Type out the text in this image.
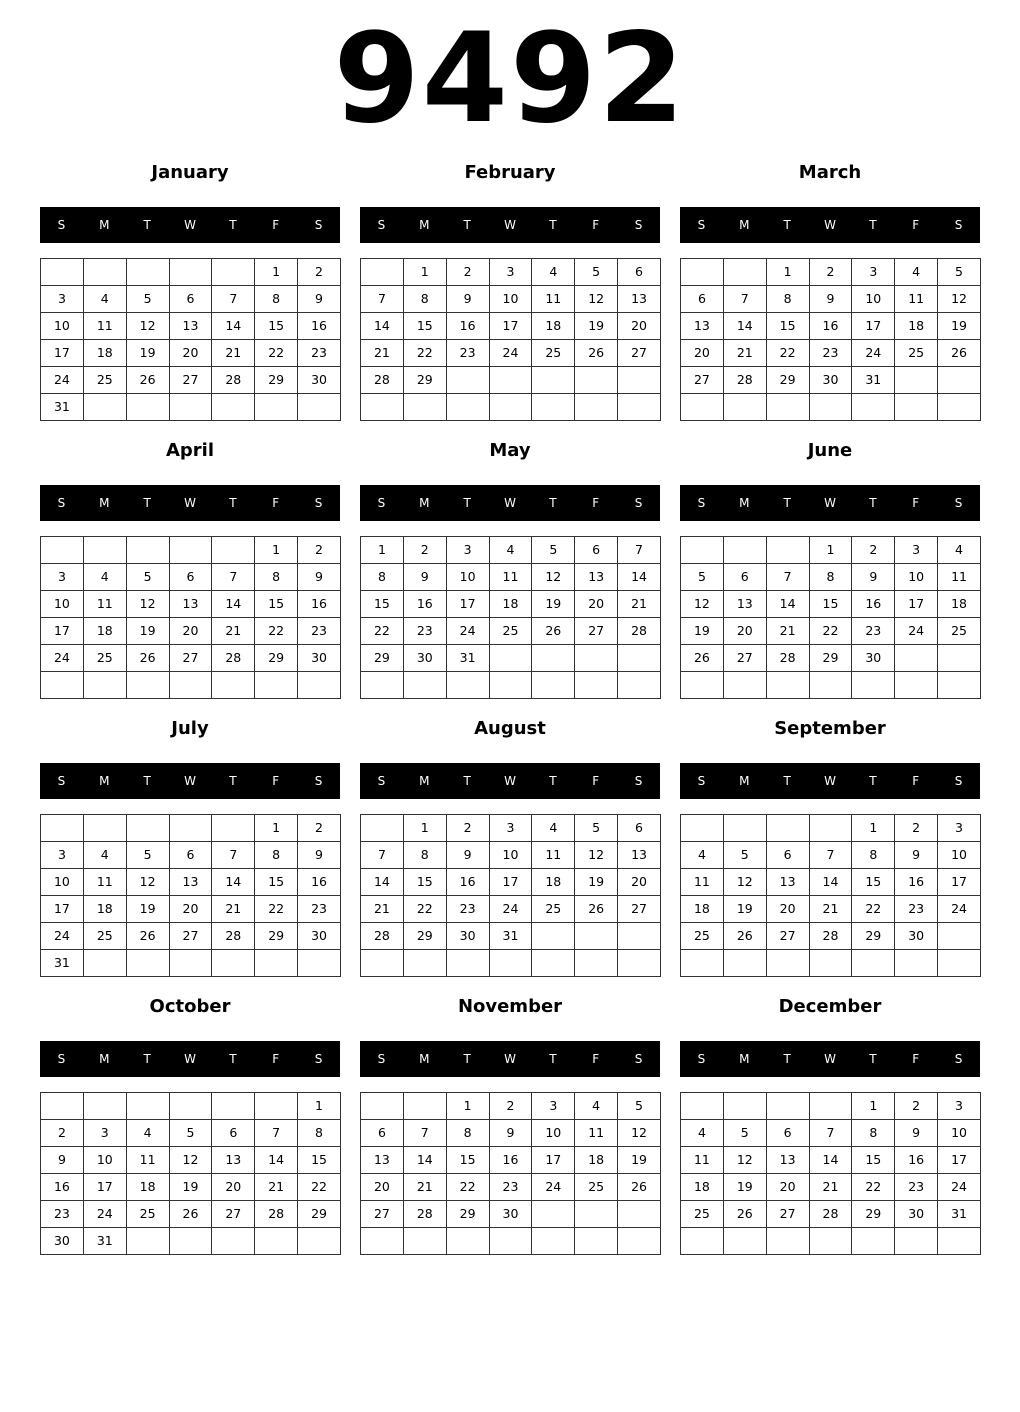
9492
January
S	M	T	W	T	F	S
					1	2
3	4	5	6	7	8	9
10	11	12	13	14	15	16
17	18	19	20	21	22	23
24	25	26	27	28	29	30
31						
February
S	M	T	W	T	F	S
	1	2	3	4	5	6
7	8	9	10	11	12	13
14	15	16	17	18	19	20
21	22	23	24	25	26	27
28	29					

March
S	M	T	W	T	F	S
		1	2	3	4	5
6	7	8	9	10	11	12
13	14	15	16	17	18	19
20	21	22	23	24	25	26
27	28	29	30	31		

April
S	M	T	W	T	F	S
					1	2
3	4	5	6	7	8	9
10	11	12	13	14	15	16
17	18	19	20	21	22	23
24	25	26	27	28	29	30

May
S	M	T	W	T	F	S
1	2	3	4	5	6	7
8	9	10	11	12	13	14
15	16	17	18	19	20	21
22	23	24	25	26	27	28
29	30	31				

June
S	M	T	W	T	F	S
			1	2	3	4
5	6	7	8	9	10	11
12	13	14	15	16	17	18
19	20	21	22	23	24	25
26	27	28	29	30		

July
S	M	T	W	T	F	S
					1	2
3	4	5	6	7	8	9
10	11	12	13	14	15	16
17	18	19	20	21	22	23
24	25	26	27	28	29	30
31						
August
S	M	T	W	T	F	S
	1	2	3	4	5	6
7	8	9	10	11	12	13
14	15	16	17	18	19	20
21	22	23	24	25	26	27
28	29	30	31			

September
S	M	T	W	T	F	S
				1	2	3
4	5	6	7	8	9	10
11	12	13	14	15	16	17
18	19	20	21	22	23	24
25	26	27	28	29	30	

October
S	M	T	W	T	F	S
						1
2	3	4	5	6	7	8
9	10	11	12	13	14	15
16	17	18	19	20	21	22
23	24	25	26	27	28	29
30	31					
November
S	M	T	W	T	F	S
		1	2	3	4	5
6	7	8	9	10	11	12
13	14	15	16	17	18	19
20	21	22	23	24	25	26
27	28	29	30			

December
S	M	T	W	T	F	S
				1	2	3
4	5	6	7	8	9	10
11	12	13	14	15	16	17
18	19	20	21	22	23	24
25	26	27	28	29	30	31
